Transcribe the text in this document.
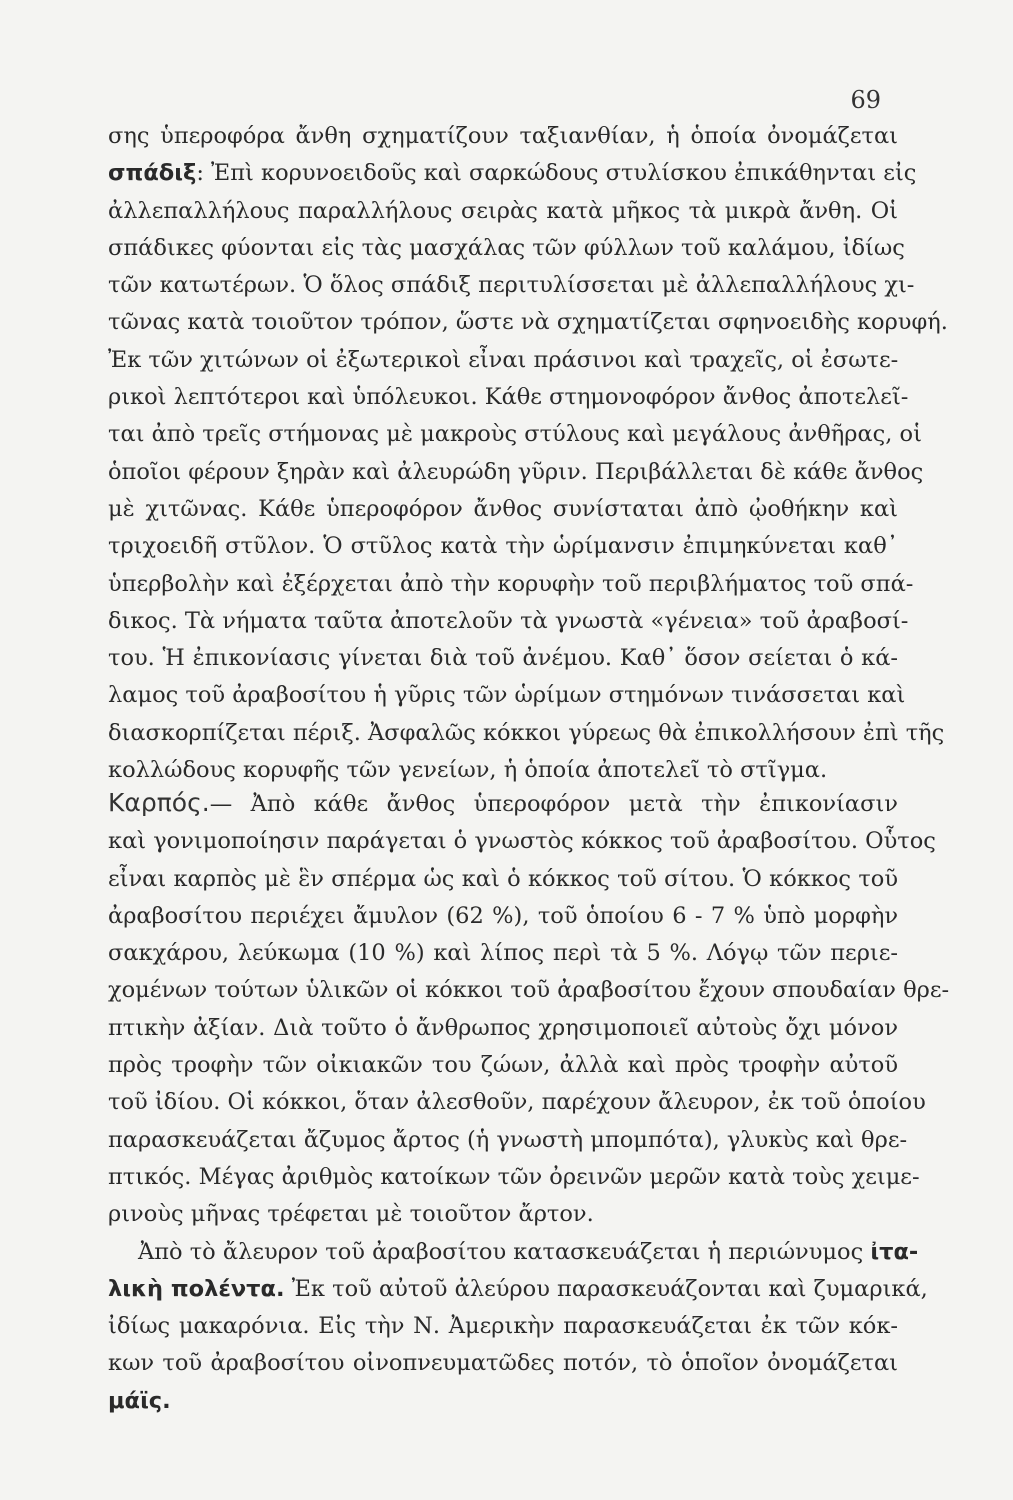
69
σης ὑπεροφόρα ἄνθη σχηματίζουν ταξιανθίαν, ἡ ὁποία ὀνομάζεται
σπάδιξ: Ἐπὶ κορυνοειδοῦς καὶ σαρκώδους στυλίσκου ἐπικάθηνται εἰς
ἀλλεπαλλήλους παραλλήλους σειρὰς κατὰ μῆκος τὰ μικρὰ ἄνθη. Οἱ
σπάδικες φύονται εἰς τὰς μασχάλας τῶν φύλλων τοῦ καλάμου, ἰδίως
τῶν κατωτέρων. Ὁ ὅλος σπάδιξ περιτυλίσσεται μὲ ἀλλεπαλλήλους χι-
τῶνας κατὰ τοιοῦτον τρόπον, ὥστε νὰ σχηματίζεται σφηνοειδὴς κορυφή.
Ἐκ τῶν χιτώνων οἱ ἐξωτερικοὶ εἶναι πράσινοι καὶ τραχεῖς, οἱ ἐσωτε-
ρικοὶ λεπτότεροι καὶ ὑπόλευκοι. Κάθε στημονοφόρον ἄνθος ἀποτελεῖ-
ται ἀπὸ τρεῖς στήμονας μὲ μακροὺς στύλους καὶ μεγάλους ἀνθῆρας, οἱ
ὁποῖοι φέρουν ξηρὰν καὶ ἀλευρώδη γῦριν. Περιβάλλεται δὲ κάθε ἄνθος
μὲ χιτῶνας. Κάθε ὑπεροφόρον ἄνθος συνίσταται ἀπὸ ᾠοθήκην καὶ
τριχοειδῆ στῦλον. Ὁ στῦλος κατὰ τὴν ὡρίμανσιν ἐπιμηκύνεται καθ᾽
ὑπερβολὴν καὶ ἐξέρχεται ἀπὸ τὴν κορυφὴν τοῦ περιβλήματος τοῦ σπά-
δικος. Τὰ νήματα ταῦτα ἀποτελοῦν τὰ γνωστὰ «γένεια» τοῦ ἀραβοσί-
του. Ἡ ἐπικονίασις γίνεται διὰ τοῦ ἀνέμου. Καθ᾽ ὅσον σείεται ὁ κά-
λαμος τοῦ ἀραβοσίτου ἡ γῦρις τῶν ὡρίμων στημόνων τινάσσεται καὶ
διασκορπίζεται πέριξ. Ἀσφαλῶς κόκκοι γύρεως θὰ ἐπικολλήσουν ἐπὶ τῆς
κολλώδους κορυφῆς τῶν γενείων, ἡ ὁποία ἀποτελεῖ τὸ στῖγμα.
Καρπός.— Ἀπὸ κάθε ἄνθος ὑπεροφόρον μετὰ τὴν ἐπικονίασιν
καὶ γονιμοποίησιν παράγεται ὁ γνωστὸς κόκκος τοῦ ἀραβοσίτου. Οὗτος
εἶναι καρπὸς μὲ ἓν σπέρμα ὡς καὶ ὁ κόκκος τοῦ σίτου. Ὁ κόκκος τοῦ
ἀραβοσίτου περιέχει ἄμυλον (62 %), τοῦ ὁποίου 6 - 7 % ὑπὸ μορφὴν
σακχάρου, λεύκωμα (10 %) καὶ λίπος περὶ τὰ 5 %. Λόγῳ τῶν περιε-
χομένων τούτων ὑλικῶν οἱ κόκκοι τοῦ ἀραβοσίτου ἔχουν σπουδαίαν θρε-
πτικὴν ἀξίαν. Διὰ τοῦτο ὁ ἄνθρωπος χρησιμοποιεῖ αὐτοὺς ὄχι μόνον
πρὸς τροφὴν τῶν οἰκιακῶν του ζώων, ἀλλὰ καὶ πρὸς τροφὴν αὐτοῦ
τοῦ ἰδίου. Οἱ κόκκοι, ὅταν ἀλεσθοῦν, παρέχουν ἄλευρον, ἐκ τοῦ ὁποίου
παρασκευάζεται ἄζυμος ἄρτος (ἡ γνωστὴ μπομπότα), γλυκὺς καὶ θρε-
πτικός. Μέγας ἀριθμὸς κατοίκων τῶν ὀρεινῶν μερῶν κατὰ τοὺς χειμε-
ρινοὺς μῆνας τρέφεται μὲ τοιοῦτον ἄρτον.
Ἀπὸ τὸ ἄλευρον τοῦ ἀραβοσίτου κατασκευάζεται ἡ περιώνυμος ἰτα-
λικὴ πολέντα. Ἐκ τοῦ αὐτοῦ ἀλεύρου παρασκευάζονται καὶ ζυμαρικά,
ἰδίως μακαρόνια. Εἰς τὴν Ν. Ἀμερικὴν παρασκευάζεται ἐκ τῶν κόκ-
κων τοῦ ἀραβοσίτου οἰνοπνευματῶδες ποτόν, τὸ ὁποῖον ὀνομάζεται
μάϊς.
